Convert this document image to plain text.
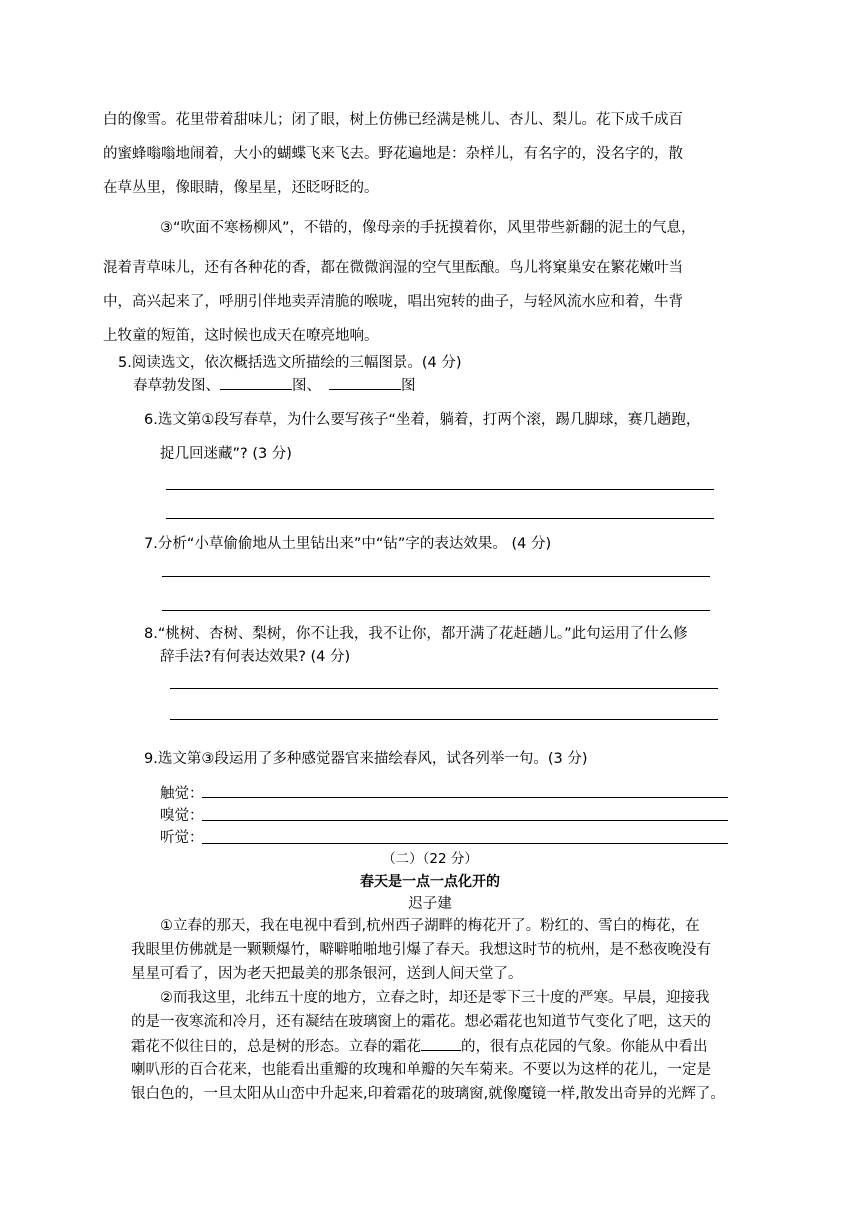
白的像雪。花里带着甜味儿；闭了眼，树上仿佛已经满是桃儿、杏儿、梨儿。花下成千成百
的蜜蜂嗡嗡地闹着，大小的蝴蝶飞来飞去。野花遍地是：杂样儿，有名字的，没名字的，散
在草丛里，像眼睛，像星星，还眨呀眨的。
③“吹面不寒杨柳风”，不错的，像母亲的手抚摸着你，风里带些新翻的泥土的气息，
混着青草味儿，还有各种花的香，都在微微润湿的空气里酝酿。鸟儿将窠巢安在繁花嫩叶当
中，高兴起来了，呼朋引伴地卖弄清脆的喉咙，唱出宛转的曲子，与轻风流水应和着，牛背
上牧童的短笛，这时候也成天在嘹亮地响。
5.阅读选文，依次概括选文所描绘的三幅图景。(4 分)
春草勃发图、	图、	图
6.选文第①段写春草，为什么要写孩子“坐着，躺着，打两个滚，踢几脚球，赛几趟跑，
捉几回迷藏”? (3 分)
7.分析“小草偷偷地从土里钻出来”中“钻”字的表达效果。 (4 分)
8.“桃树、杏树、梨树，你不让我，我不让你，都开满了花赶趟儿。”此句运用了什么修
辞手法?有何表达效果? (4 分)
9.选文第③段运用了多种感觉器官来描绘春风，试各列举一句。(3 分)
触觉：
嗅觉：
听觉：
（二）（22 分）
春天是一点一点化开的
迟子建
①立春的那天，我在电视中看到,杭州西子湖畔的梅花开了。粉红的、雪白的梅花，在
我眼里仿佛就是一颗颗爆竹，噼噼啪啪地引爆了春天。我想这时节的杭州，是不愁夜晚没有
星星可看了，因为老天把最美的那条银河，送到人间天堂了。
②而我这里，北纬五十度的地方，立春之时，却还是零下三十度的严寒。早晨，迎接我
的是一夜寒流和冷月，还有凝结在玻璃窗上的霜花。想必霜花也知道节气变化了吧，这天的
霜花不似往日的，总是树的形态。立春的霜花	的，很有点花园的气象。你能从中看出
喇叭形的百合花来，也能看出重瓣的玫瑰和单瓣的矢车菊来。不要以为这样的花儿，一定是
银白色的，一旦太阳从山峦中升起来,印着霜花的玻璃窗,就像魔镜一样,散发出奇异的光辉了。
